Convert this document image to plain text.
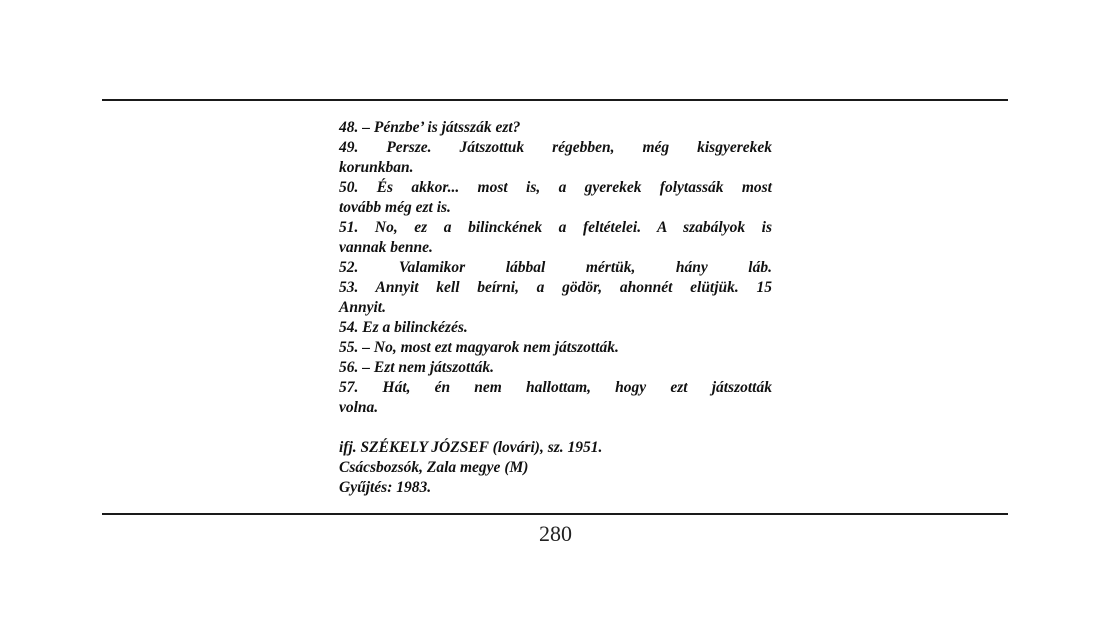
48. – Pénzbe’ is játsszák ezt?
49. Persze. Játszottuk régebben, még kisgyerekek
korunkban.
50. És akkor... most is, a gyerekek folytassák most
tovább még ezt is.
51. No, ez a bilinckének a feltételei. A szabályok is
vannak benne.
52. Valamikor lábbal mértük, hány láb.
53. Annyit kell beírni, a gödör, ahonnét elütjük. 15
Annyit.
54. Ez a bilinckézés.
55. – No, most ezt magyarok nem játszották.
56. – Ezt nem játszották.
57. Hát, én nem hallottam, hogy ezt játszották
volna.
ifj. SZÉKELY JÓZSEF (lovári), sz. 1951.
Csácsbozsók, Zala megye (M)
Gyűjtés: 1983.
280
